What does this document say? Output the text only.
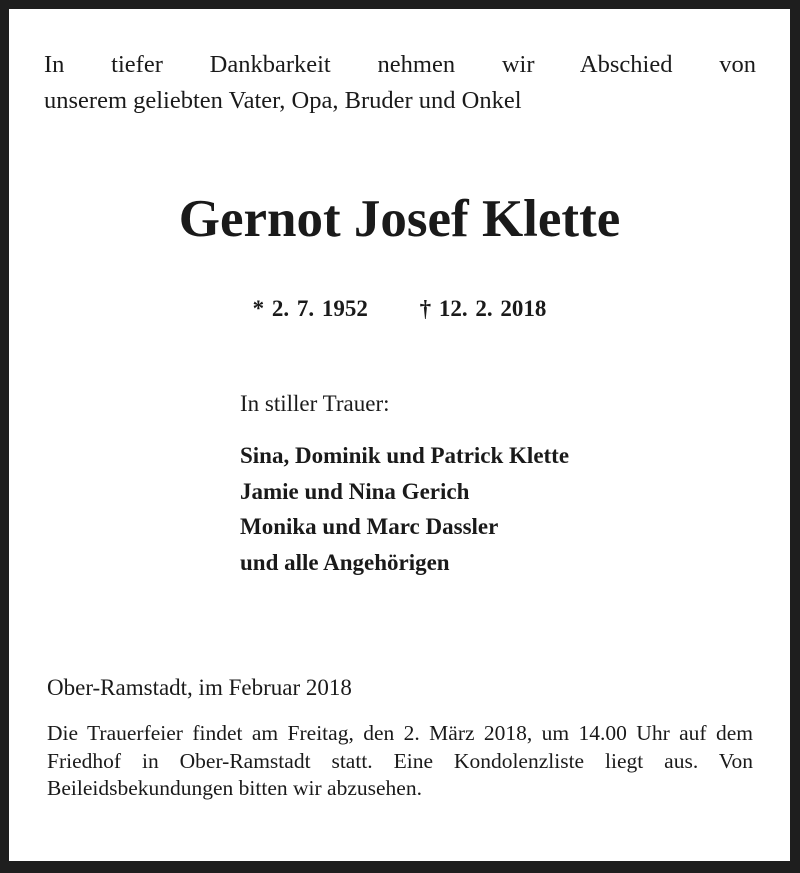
In tiefer Dankbarkeit nehmen wir Abschied von
unserem geliebten Vater, Opa, Bruder und Onkel
Gernot Josef Klette
* 2. 7. 1952 † 12. 2. 2018
In stiller Trauer:
Sina, Dominik und Patrick Klette
Jamie und Nina Gerich
Monika und Marc Dassler
und alle Angehörigen
Ober-Ramstadt, im Februar 2018
Die Trauerfeier findet am Freitag, den 2. März 2018, um 14.00 Uhr auf dem Friedhof in Ober-Ramstadt statt. Eine Kondolenzliste liegt aus. Von Beileidsbekundungen bitten wir abzusehen.
